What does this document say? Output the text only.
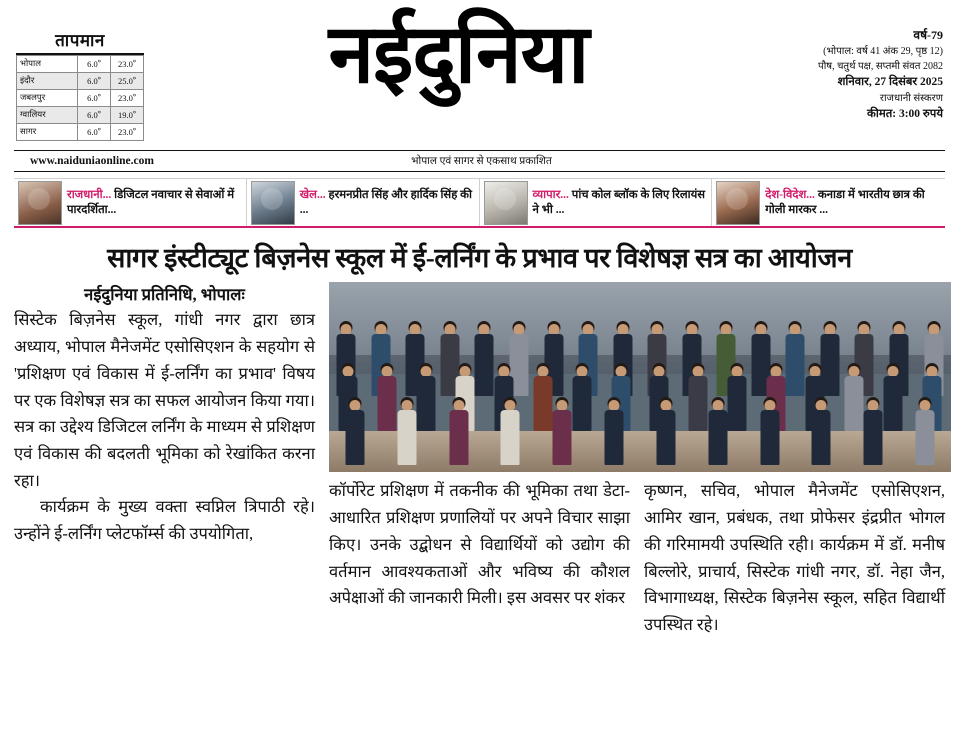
तापमान
भोपाल	$6.0^०$	23.0$^०$
इंदौर	$6.0^०$	25.0$^०$
जबलपुर	$6.0^०$	23.0$^०$
ग्वालियर	$6.0^०$	19.0$^०$
सागर	$6.0^०$	23.0$^०$
नईदुनिया	वर्ष-79
(भोपाल: वर्ष 41 अंक 29, पृष्ठ 12)
पौष, चतुर्थ पक्ष, सप्तमी संवत 2082
शनिवार, 27 दिसंबर 2025
राजधानी संस्करण
कीमत: 3:00 रुपये
www.naiduniaonline.com	भोपाल एवं सागर से एकसाथ प्रकाशित
राजधानी... डिजिटल नवाचार से सेवाओं में पारदर्शिता...
खेल... हरमनप्रीत सिंह और हार्दिक सिंह की ...
व्यापार... पांच कोल ब्लॉक के लिए रिलायंस ने भी ...
देश-विदेश... कनाडा में भारतीय छात्र की गोली मारकर ...
सागर इंस्टीट्यूट बिज़नेस स्कूल में ई-लर्निंग के प्रभाव पर विशेषज्ञ सत्र का आयोजन
नईदुनिया प्रतिनिधि, भोपालः

सिस्टेक बिज़नेस स्कूल, गांधी नगर द्वारा छात्र अध्याय, भोपाल मैनेजमेंट एसोसिएशन के सहयोग से 'प्रशिक्षण एवं विकास में ई-लर्निंग का प्रभाव' विषय पर एक विशेषज्ञ सत्र का सफल आयोजन किया गया। सत्र का उद्देश्य डिजिटल लर्निंग के माध्यम से प्रशिक्षण एवं विकास की बदलती भूमिका को रेखांकित करना रहा।

कार्यक्रम के मुख्य वक्ता स्वप्निल त्रिपाठी रहे। उन्होंने ई-लर्निंग प्लेटफॉर्म्स की उपयोगिता,

कॉर्पोरेट प्रशिक्षण में तकनीक की भूमिका तथा डेटा-आधारित प्रशिक्षण प्रणालियों पर अपने विचार साझा किए। उनके उद्बोधन से विद्यार्थियों को उद्योग की वर्तमान आवश्यकताओं और भविष्य की कौशल अपेक्षाओं की जानकारी मिली। इस अवसर पर शंकर

कृष्णन, सचिव, भोपाल मैनेजमेंट एसोसिएशन, आमिर खान, प्रबंधक, तथा प्रोफेसर इंद्रप्रीत भोगल की गरिमामयी उपस्थिति रही। कार्यक्रम में डॉ. मनीष बिल्लोरे, प्राचार्य, सिस्टेक गांधी नगर, डॉ. नेहा जैन, विभागाध्यक्ष, सिस्टेक बिज़नेस स्कूल, सहित विद्यार्थी उपस्थित रहे।
